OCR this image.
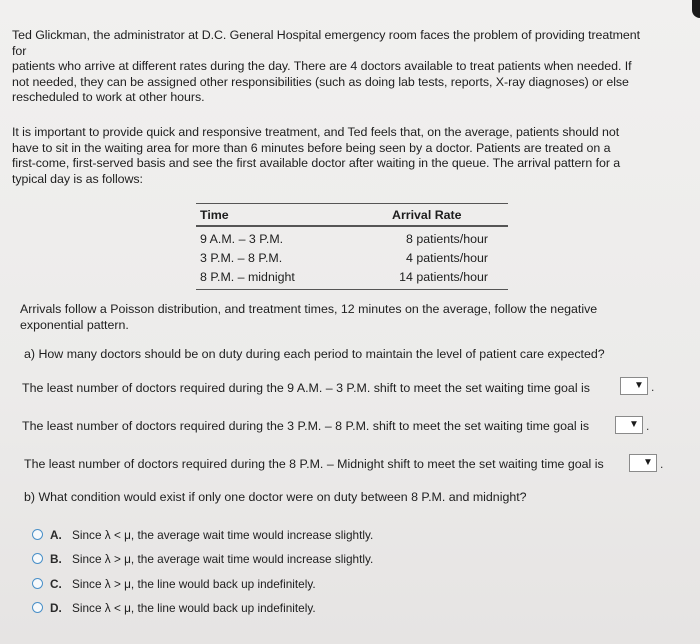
Ted Glickman, the administrator at D.C. General Hospital emergency room faces the problem of providing treatment
for
patients who arrive at different rates during the day. There are 4 doctors available to treat patients when needed. If
not needed, they can be assigned other responsibilities (such as doing lab tests, reports, X-ray diagnoses) or else
rescheduled to work at other hours.
It is important to provide quick and responsive treatment, and Ted feels that, on the average, patients should not
have to sit in the waiting area for more than 6 minutes before being seen by a doctor. Patients are treated on a
first-come, first-served basis and see the first available doctor after waiting in the queue. The arrival pattern for a
typical day is as follows:
Time	Arrival Rate
9 A.M. – 3 P.M.	8 patients/hour
3 P.M. – 8 P.M.	4 patients/hour
8 P.M. – midnight	14 patients/hour
Arrivals follow a Poisson distribution, and treatment times, 12 minutes on the average, follow the negative
exponential pattern.
a) How many doctors should be on duty during each period to maintain the level of patient care expected?
The least number of doctors required during the 9 A.M. – 3 P.M. shift to meet the set waiting time goal is	▼ .
The least number of doctors required during the 3 P.M. – 8 P.M. shift to meet the set waiting time goal is	▼ .
The least number of doctors required during the 8 P.M. – Midnight shift to meet the set waiting time goal is	▼ .
b) What condition would exist if only one doctor were on duty between 8 P.M. and midnight?
A. Since λ < μ, the average wait time would increase slightly.
B. Since λ > μ, the average wait time would increase slightly.
C. Since λ > μ, the line would back up indefinitely.
D. Since λ < μ, the line would back up indefinitely.
